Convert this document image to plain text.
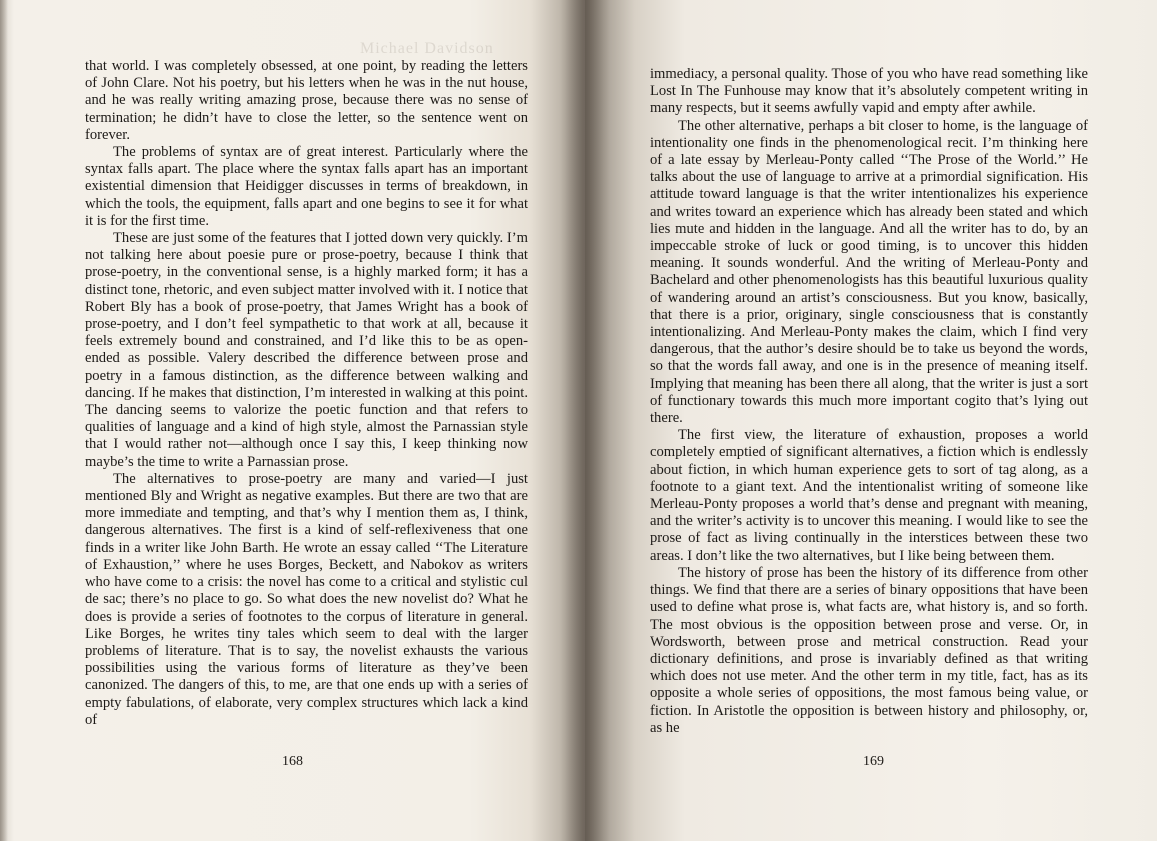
Michael Davidson

that world. I was completely obsessed, at one point, by reading the letters of John Clare. Not his poetry, but his letters when he was in the nut house, and he was really writing amazing prose, because there was no sense of termination; he didn’t have to close the letter, so the sentence went on forever.

The problems of syntax are of great interest. Particularly where the syntax falls apart. The place where the syntax falls apart has an important existential dimension that Heidigger discusses in terms of breakdown, in which the tools, the equipment, falls apart and one begins to see it for what it is for the first time.

These are just some of the features that I jotted down very quickly. I’m not talking here about poesie pure or prose-poetry, because I think that prose-poetry, in the conventional sense, is a highly marked form; it has a distinct tone, rhetoric, and even subject matter involved with it. I notice that Robert Bly has a book of prose-poetry, that James Wright has a book of prose-poetry, and I don’t feel sympathetic to that work at all, because it feels extremely bound and constrained, and I’d like this to be as open-ended as possible. Valery described the difference between prose and poetry in a famous distinction, as the difference between walking and dancing. If he makes that distinction, I’m interested in walking at this point. The dancing seems to valorize the poetic function and that refers to qualities of language and a kind of high style, almost the Parnassian style that I would rather not—although once I say this, I keep thinking now maybe’s the time to write a Parnassian prose.

The alternatives to prose-poetry are many and varied—I just mentioned Bly and Wright as negative examples. But there are two that are more immediate and tempting, and that’s why I mention them as, I think, dangerous alternatives. The first is a kind of self-reflexiveness that one finds in a writer like John Barth. He wrote an essay called ‘‘The Literature of Exhaustion,’’ where he uses Borges, Beckett, and Nabokov as writers who have come to a crisis: the novel has come to a critical and stylistic cul de sac; there’s no place to go. So what does the new novelist do? What he does is provide a series of footnotes to the corpus of literature in general. Like Borges, he writes tiny tales which seem to deal with the larger problems of literature. That is to say, the novelist exhausts the various possibilities using the various forms of literature as they’ve been canonized. The dangers of this, to me, are that one ends up with a series of empty fabulations, of elaborate, very complex structures which lack a kind of

168

immediacy, a personal quality. Those of you who have read something like Lost In The Funhouse may know that it’s absolutely competent writing in many respects, but it seems awfully vapid and empty after awhile.

The other alternative, perhaps a bit closer to home, is the language of intentionality one finds in the phenomenological recit. I’m thinking here of a late essay by Merleau-Ponty called ‘‘The Prose of the World.’’ He talks about the use of language to arrive at a primordial signification. His attitude toward language is that the writer intentionalizes his experience and writes toward an experience which has already been stated and which lies mute and hidden in the language. And all the writer has to do, by an impeccable stroke of luck or good timing, is to uncover this hidden meaning. It sounds wonderful. And the writing of Merleau-Ponty and Bachelard and other phenomenologists has this beautiful luxurious quality of wandering around an artist’s consciousness. But you know, basically, that there is a prior, originary, single consciousness that is constantly intentionalizing. And Merleau-Ponty makes the claim, which I find very dangerous, that the author’s desire should be to take us beyond the words, so that the words fall away, and one is in the presence of meaning itself. Implying that meaning has been there all along, that the writer is just a sort of functionary towards this much more important cogito that’s lying out there.

The first view, the literature of exhaustion, proposes a world completely emptied of significant alternatives, a fiction which is endlessly about fiction, in which human experience gets to sort of tag along, as a footnote to a giant text. And the intentionalist writing of someone like Merleau-Ponty proposes a world that’s dense and pregnant with meaning, and the writer’s activity is to uncover this meaning. I would like to see the prose of fact as living continually in the interstices between these two areas. I don’t like the two alternatives, but I like being between them.

The history of prose has been the history of its difference from other things. We find that there are a series of binary oppositions that have been used to define what prose is, what facts are, what history is, and so forth. The most obvious is the opposition between prose and verse. Or, in Wordsworth, between prose and metrical construction. Read your dictionary definitions, and prose is invariably defined as that writing which does not use meter. And the other term in my title, fact, has as its opposite a whole series of oppositions, the most famous being value, or fiction. In Aristotle the opposition is between history and philosophy, or, as he

169
